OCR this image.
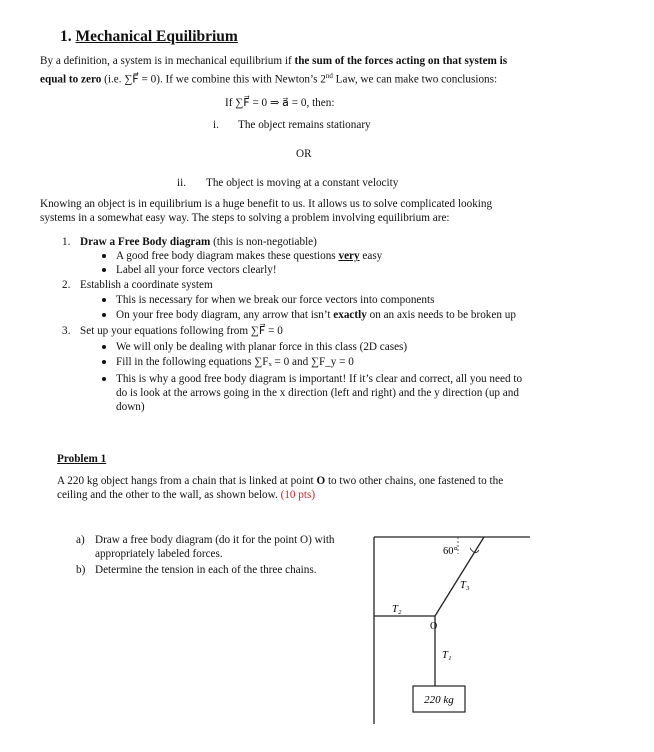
1. Mechanical Equilibrium
By a definition, a system is in mechanical equilibrium if the sum of the forces acting on that system is
equal to zero (i.e. ∑F⃗ = 0). If we combine this with Newton’s 2nd Law, we can make two conclusions:
If ∑F⃗ = 0 ⇒ a⃗ = 0, then:
i. The object remains stationary
OR
ii. The object is moving at a constant velocity
Knowing an object is in equilibrium is a huge benefit to us. It allows us to solve complicated looking
systems in a somewhat easy way. The steps to solving a problem involving equilibrium are:
1. Draw a Free Body diagram (this is non-negotiable)
A good free body diagram makes these questions very easy
Label all your force vectors clearly!
2. Establish a coordinate system
This is necessary for when we break our force vectors into components
On your free body diagram, any arrow that isn’t exactly on an axis needs to be broken up
3. Set up your equations following from ∑F⃗ = 0
We will only be dealing with planar force in this class (2D cases)
Fill in the following equations ∑Fₓ = 0 and ∑F_y = 0
This is why a good free body diagram is important! If it’s clear and correct, all you need to do is look at the arrows going in the x direction (left and right) and the y direction (up and down)
Problem 1
A 220 kg object hangs from a chain that is linked at point O to two other chains, one fastened to the
ceiling and the other to the wall, as shown below. (10 pts)
a) Draw a free body diagram (do it for the point O) with appropriately labeled forces.
b) Determine the tension in each of the three chains.
60°
T₃
T₂
O
T₁
220 kg
